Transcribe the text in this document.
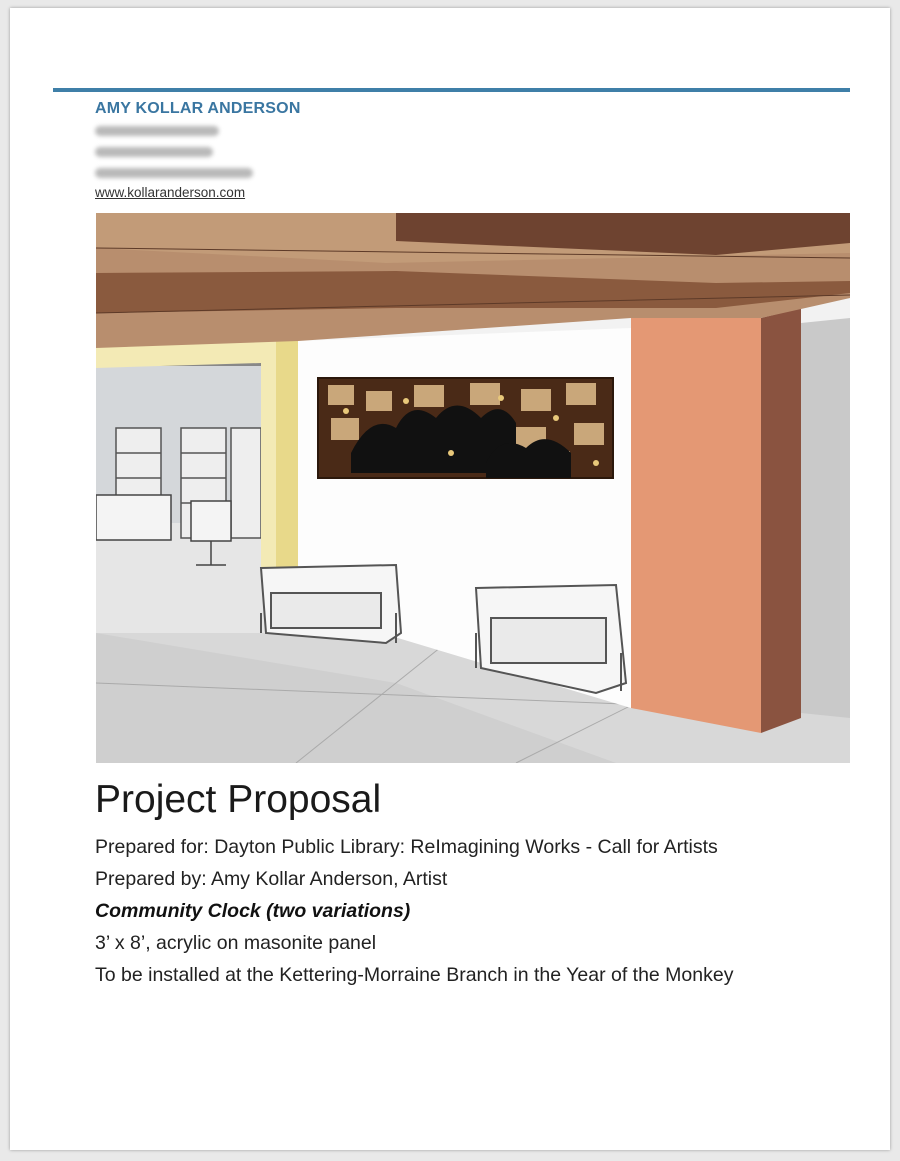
AMY KOLLAR ANDERSON
www.kollaranderson.com
Project Proposal
Prepared for: Dayton Public Library: ReImagining Works - Call for Artists
Prepared by: Amy Kollar Anderson, Artist
Community Clock (two variations)
3’ x 8’, acrylic on masonite panel
To be installed at the Kettering-Morraine Branch in the Year of the Monkey
